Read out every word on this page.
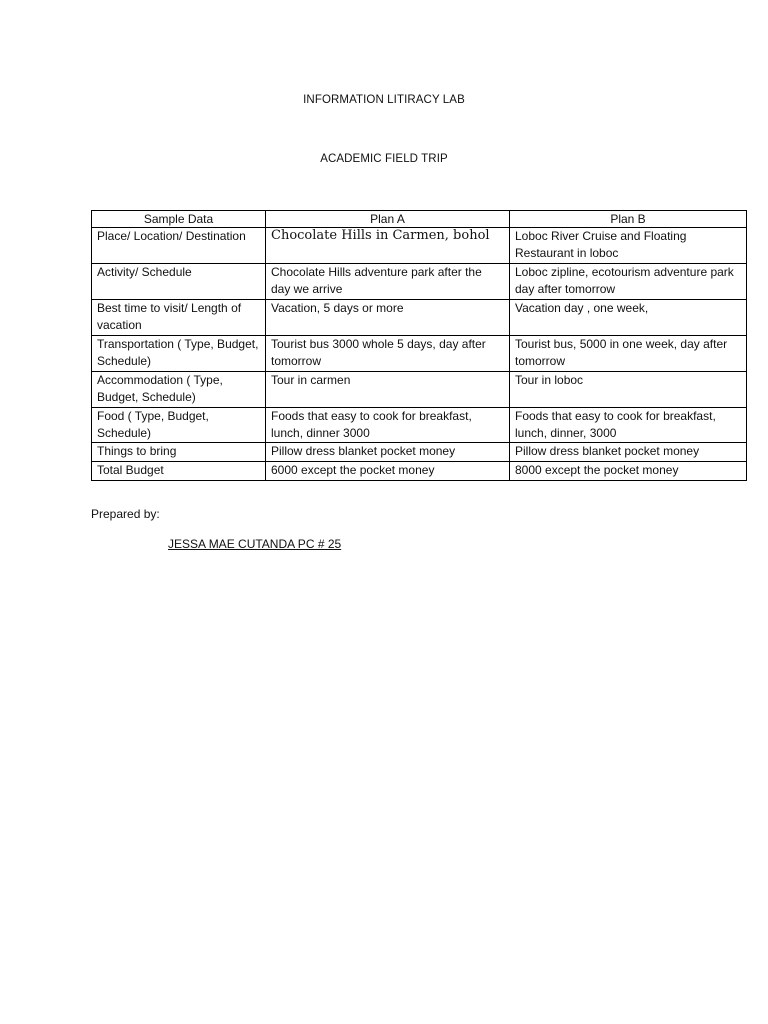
INFORMATION LITIRACY LAB
ACADEMIC FIELD TRIP
Sample Data	Plan A	Plan B
Place/ Location/ Destination	Chocolate Hills in Carmen, bohol	Loboc River Cruise and Floating Restaurant in loboc
Activity/ Schedule	Chocolate Hills adventure park after the day we arrive	Loboc zipline, ecotourism adventure park day after tomorrow
Best time to visit/ Length of vacation	Vacation, 5 days or more	Vacation day , one week,
Transportation ( Type, Budget, Schedule)	Tourist bus 3000 whole 5 days, day after tomorrow	Tourist bus, 5000 in one week, day after tomorrow
Accommodation ( Type, Budget, Schedule)	Tour in carmen	Tour in loboc
Food ( Type, Budget, Schedule)	Foods that easy to cook for breakfast, lunch, dinner 3000	Foods that easy to cook for breakfast, lunch, dinner, 3000
Things to bring	Pillow dress blanket pocket money	Pillow dress blanket pocket money
Total Budget	6000 except the pocket money	8000 except the pocket money
Prepared by:
JESSA MAE CUTANDA PC # 25
